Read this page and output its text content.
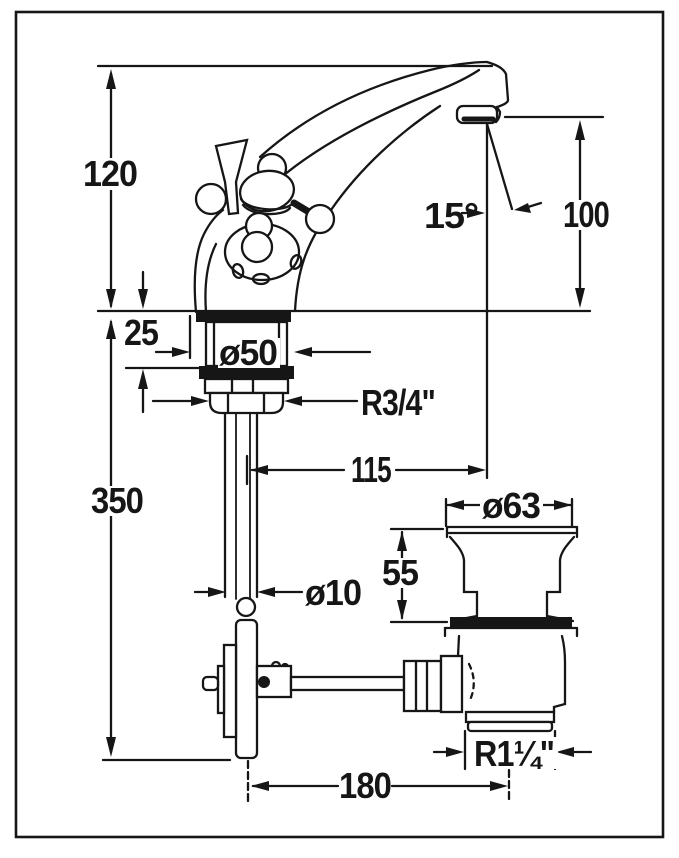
120
25 ø50
R3/4"
350
115
ø10
15° 100
ø63
55
R1¼"
180
